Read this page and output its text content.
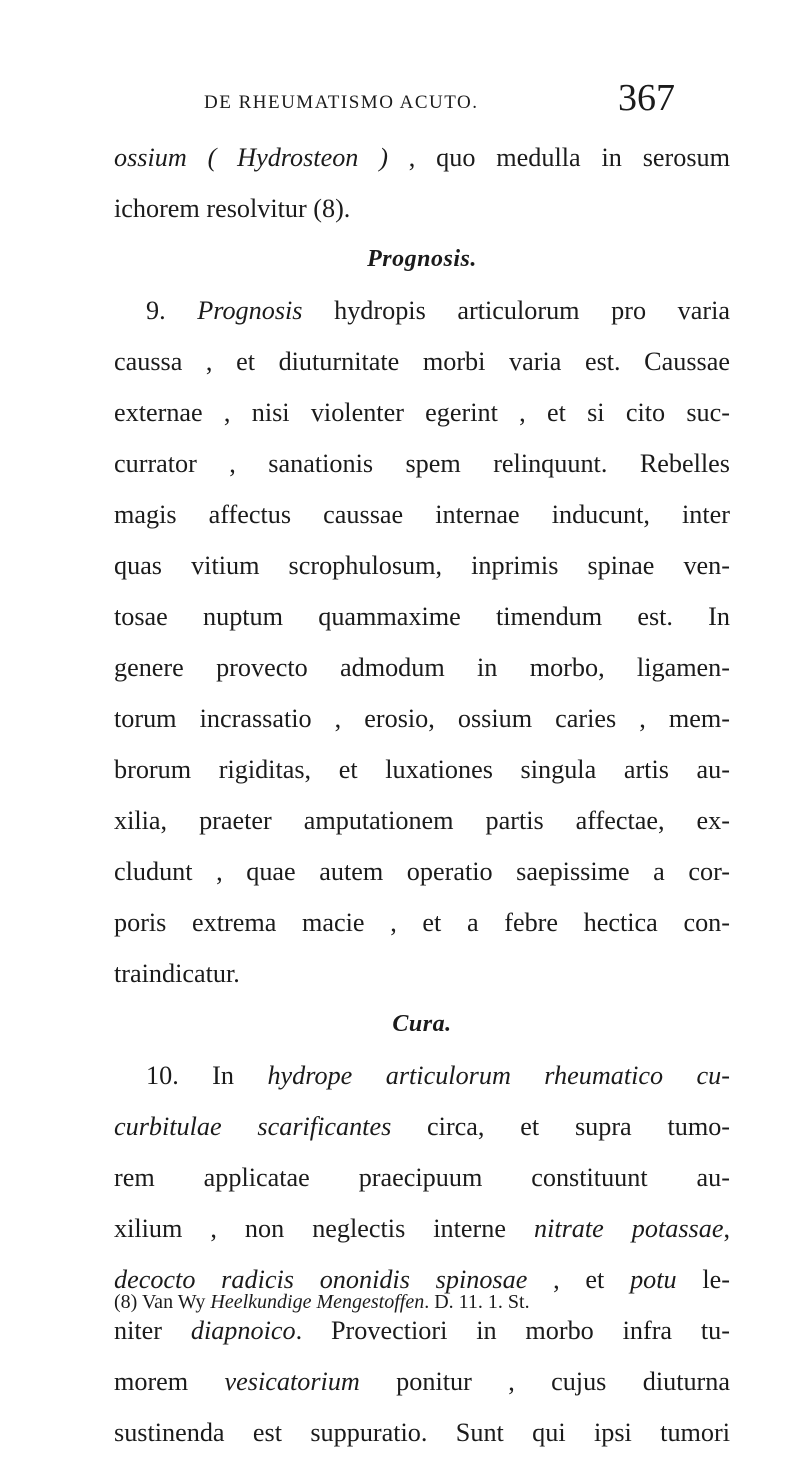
DE RHEUMATISMO ACUTO.	367
ossium ( Hydrosteon ) , quo medulla in serosum
ichorem resolvitur (8).
Prognosis.
9. Prognosis hydropis articulorum pro varia
caussa , et diuturnitate morbi varia est. Caussae
externae , nisi violenter egerint , et si cito suc-
currator , sanationis spem relinquunt. Rebelles
magis affectus caussae internae inducunt, inter
quas vitium scrophulosum, inprimis spinae ven-
tosae nuptum quammaxime timendum est. In
genere provecto admodum in morbo, ligamen-
torum incrassatio , erosio, ossium caries , mem-
brorum rigiditas, et luxationes singula artis au-
xilia, praeter amputationem partis affectae, ex-
cludunt , quae autem operatio saepissime a cor-
poris extrema macie , et a febre hectica con-
traindicatur.
Cura.
10. In hydrope articulorum rheumatico cu-
curbitulae scarificantes circa, et supra tumo-
rem applicatae praecipuum constituunt au-
xilium , non neglectis interne nitrate potassae,
decocto radicis ononidis spinosae , et potu le-
niter diapnoico. Provectiori in morbo infra tu-
morem vesicatorium ponitur , cujus diuturna
sustinenda est suppuratio. Sunt qui ipsi tumori
(8) Van Wy Heelkundige Mengestoffen. D. 11. 1. St.
